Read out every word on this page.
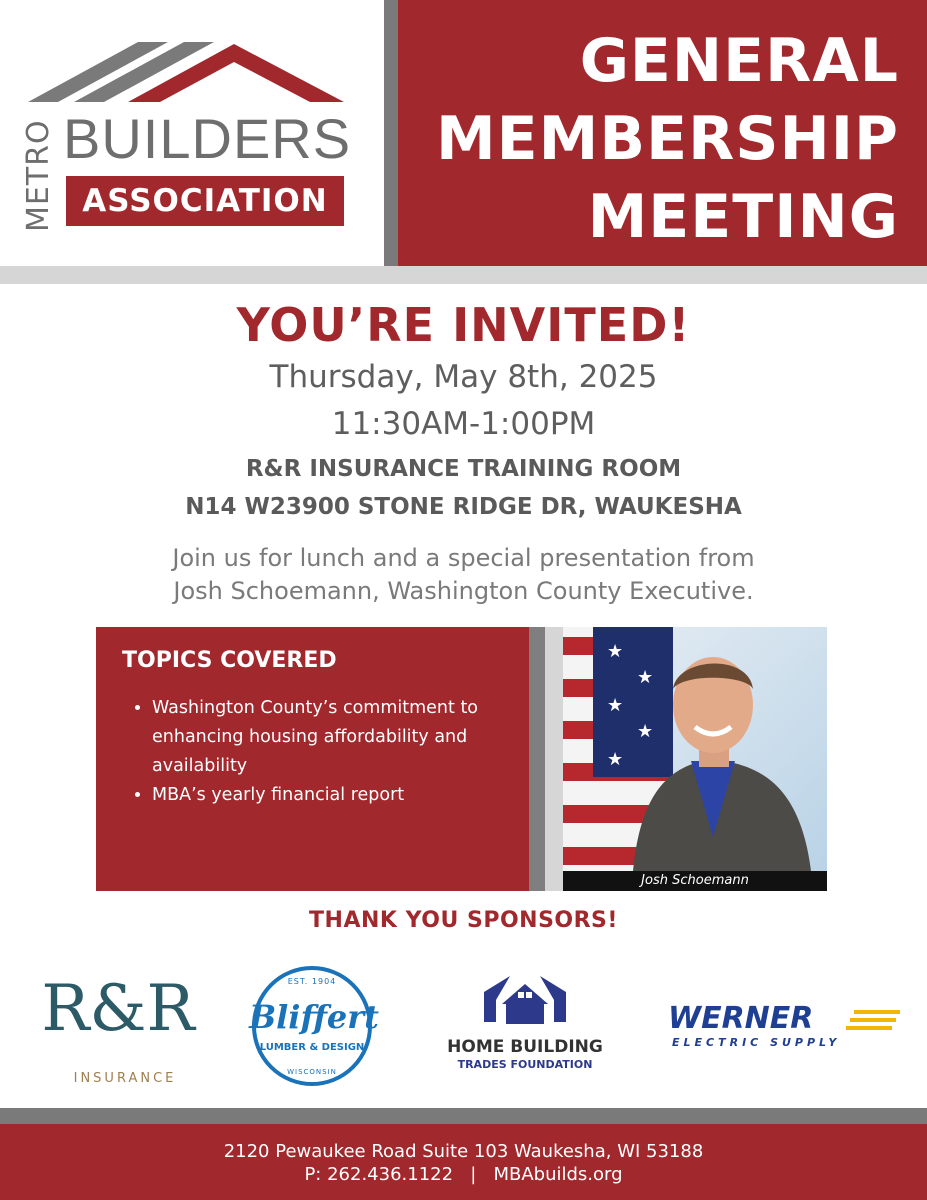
METRO BUILDERS
ASSOCIATION
GENERAL
MEMBERSHIP
MEETING
YOU’RE INVITED!
Thursday, May 8th, 2025
11:30AM-1:00PM
R&R INSURANCE TRAINING ROOM
N14 W23900 STONE RIDGE DR, WAUKESHA
Join us for lunch and a special presentation from
Josh Schoemann, Washington County Executive.
TOPICS COVERED
• Washington County’s commitment to enhancing housing affordability and availability
• MBA’s yearly financial report
★
★
★
★
★
Josh Schoemann
THANK YOU SPONSORS!
R&R
INSURANCE
EST. 1904
Bliffert
LUMBER & DESIGN
WISCONSIN
HOME BUILDING
TRADES FOUNDATION
WERNER
ELECTRIC SUPPLY
2120 Pewaukee Road Suite 103 Waukesha, WI 53188
P: 262.436.1122   |   MBAbuilds.org
